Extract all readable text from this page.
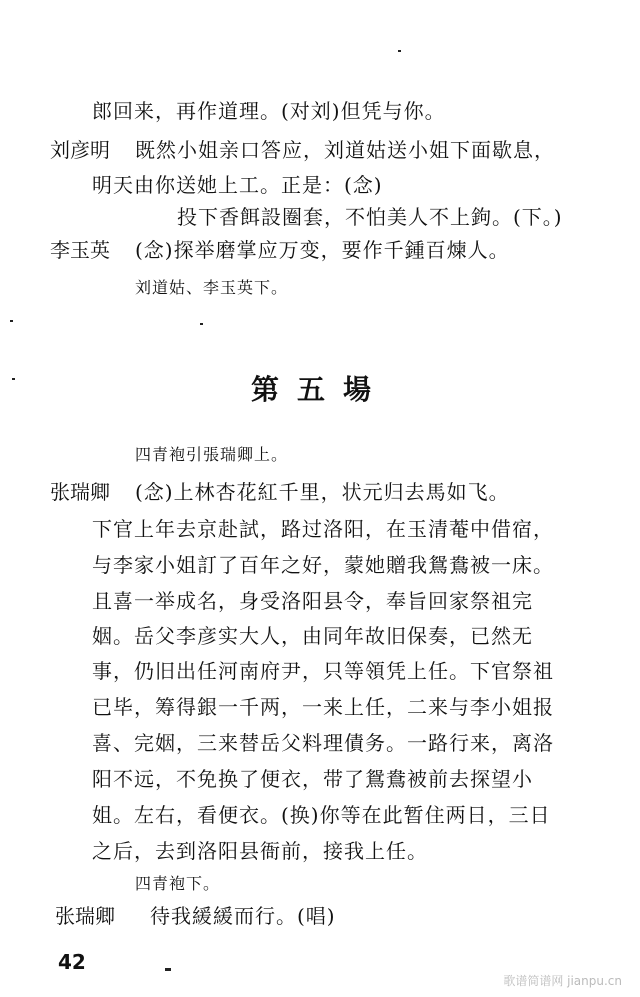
郎回来，再作道理。(对刘)但凭与你。
刘彦明 既然小姐亲口答应，刘道姑送小姐下面歇息，
明天由你送她上工。正是：(念)
投下香餌設圈套，不怕美人不上鉤。(下。)
李玉英 (念)探举磨掌应万变，要作千鍾百煉人。
刘道姑、李玉英下。
第五場
四青袍引張瑞卿上。
张瑞卿 (念)上林杏花紅千里，状元归去馬如飞。
下官上年去京赴試，路过洛阳，在玉清菴中借宿，
与李家小姐訂了百年之好，蒙她贈我鴛鴦被一床。
且喜一举成名，身受洛阳县令，奉旨回家祭祖完
姻。岳父李彦实大人，由同年故旧保奏，已然无
事，仍旧出任河南府尹，只等領凭上任。下官祭祖
已毕，筹得銀一千两，一来上任，二来与李小姐报
喜、完姻，三来替岳父料理債务。一路行来，离洛
阳不远，不免换了便衣，带了鴛鴦被前去探望小
姐。左右，看便衣。(换)你等在此暂住两日，三日
之后，去到洛阳县衙前，接我上任。
四青袍下。
张瑞卿 待我緩緩而行。(唱)
42
歌谱简谱网 jianpu.cn
